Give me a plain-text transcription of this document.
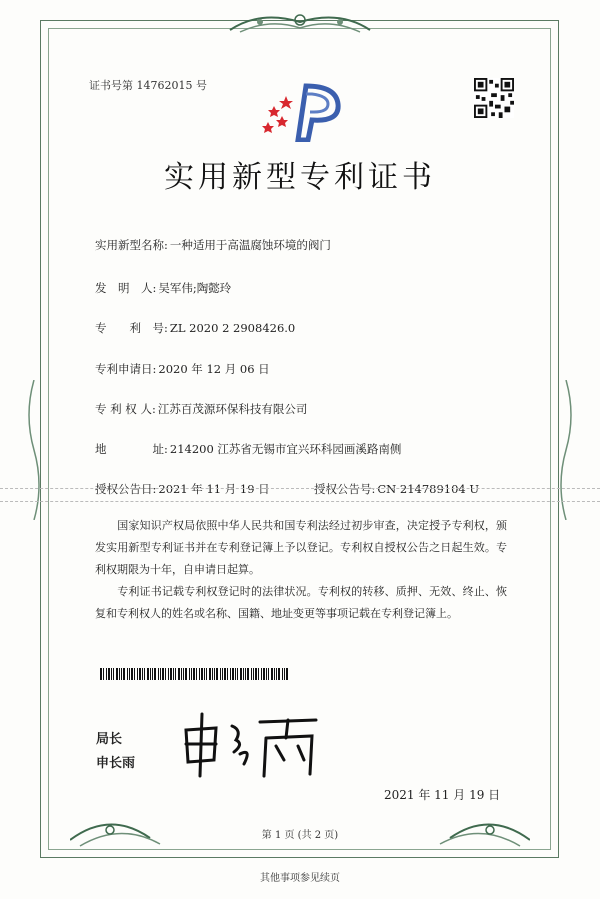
证书号第 14762015 号
实用新型专利证书
实用新型名称: 一种适用于高温腐蚀环境的阀门
发　明　人: 吴军伟;陶懿玲
专　　利　号: ZL 2020 2 2908426.0
专利申请日: 2020 年 12 月 06 日
专 利 权 人: 江苏百茂源环保科技有限公司
地　　　　址: 214200 江苏省无锡市宜兴环科园画溪路南侧
授权公告日: 2021 年 11 月 19 日	授权公告号: CN 214789104 U
　　国家知识产权局依照中华人民共和国专利法经过初步审查，决定授予专利权，颁发实用新型专利证书并在专利登记簿上予以登记。专利权自授权公告之日起生效。专利权期限为十年，自申请日起算。
　　专利证书记载专利权登记时的法律状况。专利权的转移、质押、无效、终止、恢复和专利权人的姓名或名称、国籍、地址变更等事项记载在专利登记簿上。
局长
申长雨
2021 年 11 月 19 日
第 1 页 (共 2 页)
其他事项参见续页
